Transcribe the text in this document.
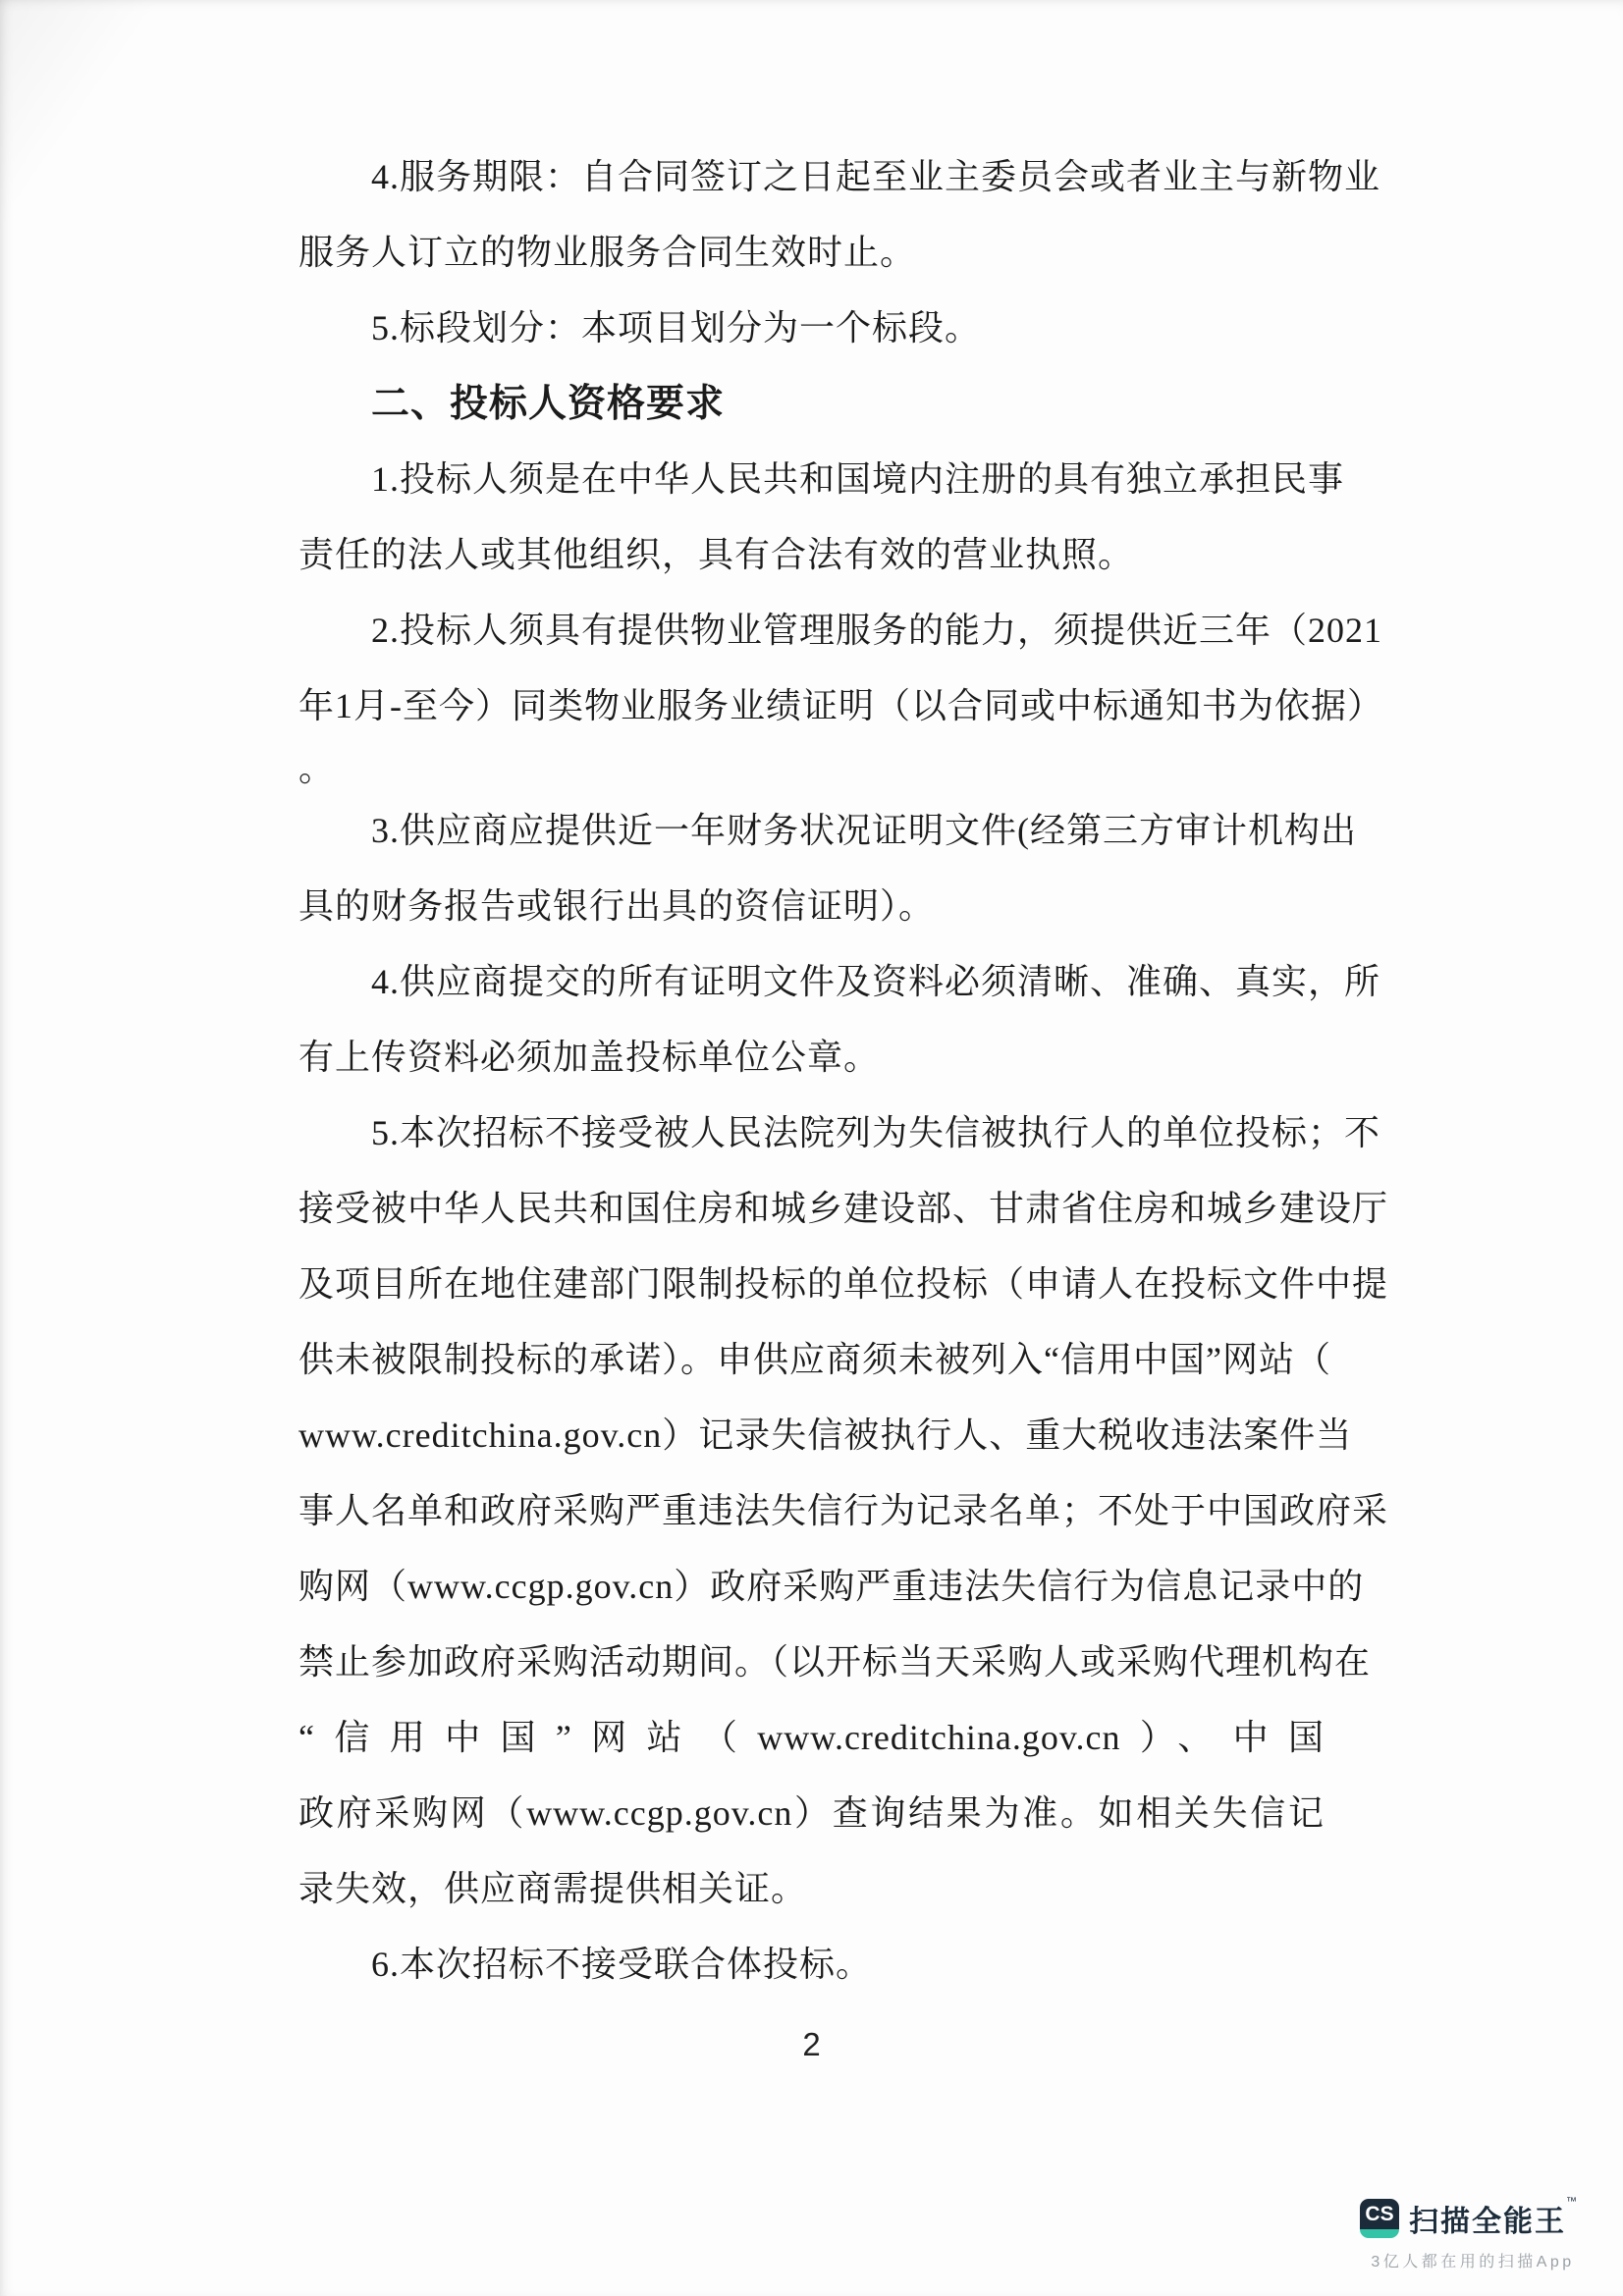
4.服务期限：自合同签订之日起至业主委员会或者业主与新物业
服务人订立的物业服务合同生效时止。
5.标段划分：本项目划分为一个标段。
二、投标人资格要求
1.投标人须是在中华人民共和国境内注册的具有独立承担民事
责任的法人或其他组织，具有合法有效的营业执照。
2.投标人须具有提供物业管理服务的能力，须提供近三年（2021
年1月-至今）同类物业服务业绩证明（以合同或中标通知书为依据）
。
3.供应商应提供近一年财务状况证明文件(经第三方审计机构出
具的财务报告或银行出具的资信证明）。
4.供应商提交的所有证明文件及资料必须清晰、准确、真实，所
有上传资料必须加盖投标单位公章。
5.本次招标不接受被人民法院列为失信被执行人的单位投标；不
接受被中华人民共和国住房和城乡建设部、甘肃省住房和城乡建设厅
及项目所在地住建部门限制投标的单位投标（申请人在投标文件中提
供未被限制投标的承诺）。申供应商须未被列入“信用中国”网站（
www.creditchina.gov.cn）记录失信被执行人、重大税收违法案件当
事人名单和政府采购严重违法失信行为记录名单；不处于中国政府采
购网（www.ccgp.gov.cn）政府采购严重违法失信行为信息记录中的
禁止参加政府采购活动期间。（以开标当天采购人或采购代理机构在
“信用中国”网站（www.creditchina.gov.cn）、中国
政府采购网（www.ccgp.gov.cn）查询结果为准。如相关失信记
录失效，供应商需提供相关证。
6.本次招标不接受联合体投标。
2
CS 扫描全能王™
3亿人都在用的扫描App
